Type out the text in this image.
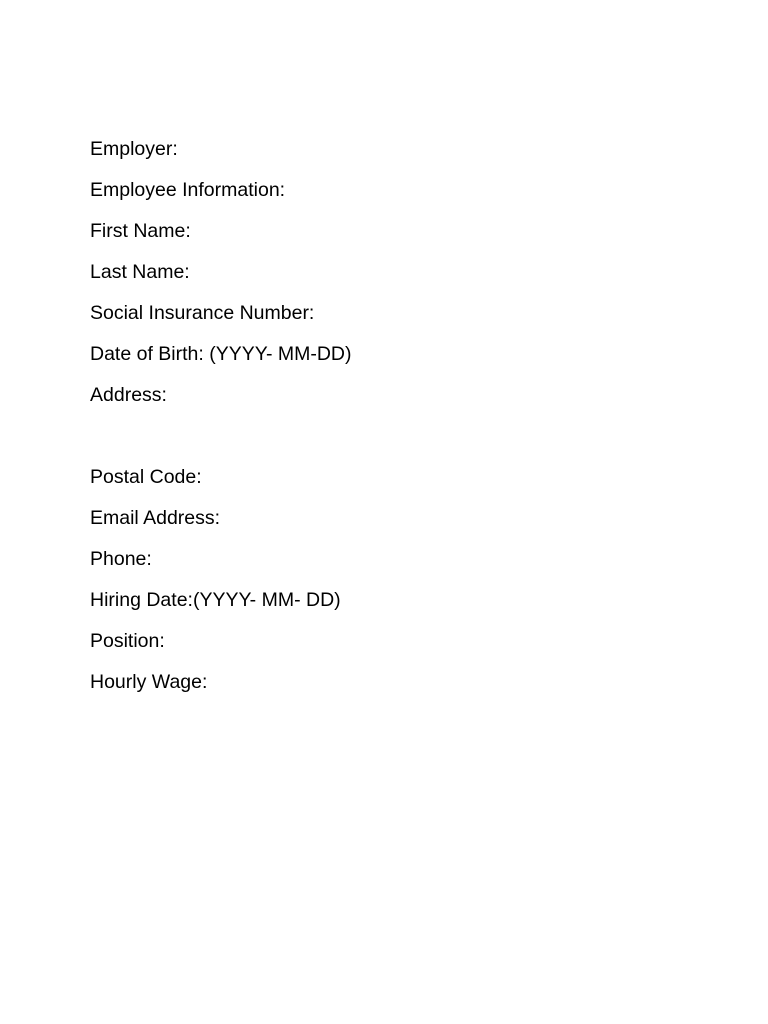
Employer:
Employee Information:
First Name:
Last Name:
Social Insurance Number:
Date of Birth: (YYYY- MM-DD)
Address:
Postal Code:
Email Address:
Phone:
Hiring Date:(YYYY- MM- DD)
Position:
Hourly Wage:
